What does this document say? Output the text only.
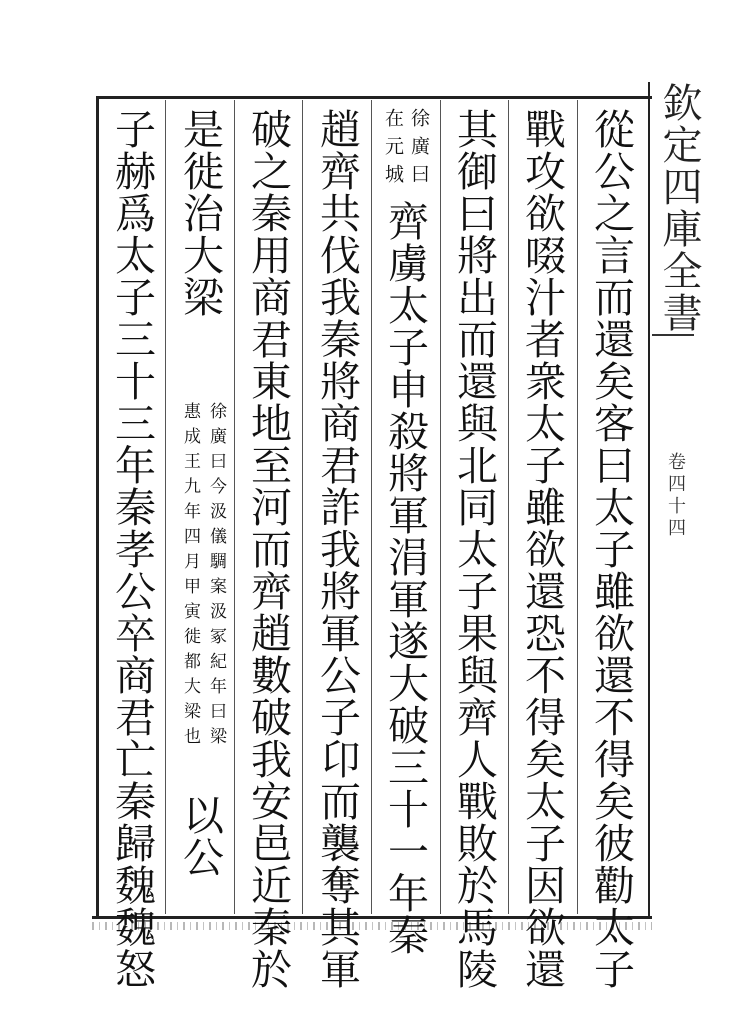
欽定四庫全書
卷四十四
從公之言而還矣客曰太子雖欲還不得矣彼勸太子
戰攻欲啜汁者衆太子雖欲還恐不得矣太子因欲還
其御曰將出而還與北同太子果與齊人戰敗於馬陵
徐廣曰
在元城
齊虜太子申殺將軍涓軍遂大破三十一年秦
趙齊共伐我秦將商君詐我將軍公子卬而襲奪其軍
破之秦用商君東地至河而齊趙數破我安邑近秦於
是徙治大梁
徐廣曰今汲儀騆案汲冢紀年曰梁
惠成王九年四月甲寅徙都大梁也
以公
子赫爲太子三十三年秦孝公卒商君亡秦歸魏魏怒
